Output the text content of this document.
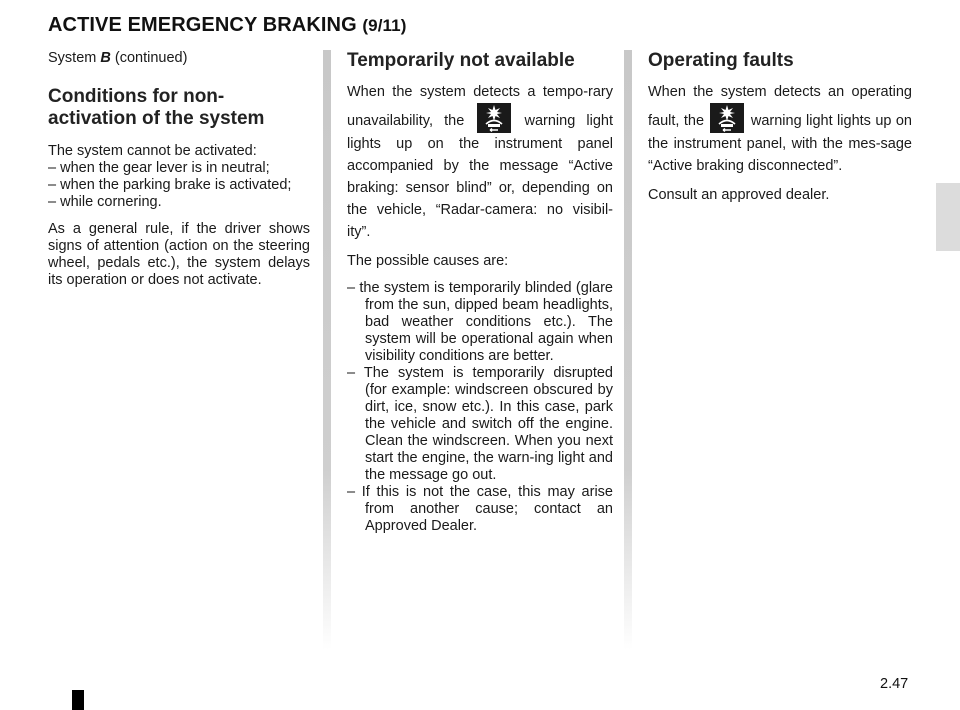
ACTIVE EMERGENCY BRAKING (9/11)

System B (continued)

Conditions for non-activation of the system

The system cannot be activated:

– when the gear lever is in neutral;
– when the parking brake is activated;
– while cornering.

As a general rule, if the driver shows signs of attention (action on the steering wheel, pedals etc.), the system delays its operation or does not activate.

Temporarily not available

When the system detects a tempo-rary unavailability, the	warning light lights up on the instrument panel accompanied by the message “Active braking: sensor blind” or, depending on the vehicle, “Radar-camera: no visibil-ity”.

The possible causes are:

– the system is temporarily blinded (glare from the sun, dipped beam headlights, bad weather conditions etc.). The system will be operational again when visibility conditions are better.
– The system is temporarily disrupted (for example: windscreen obscured by dirt, ice, snow etc.). In this case, park the vehicle and switch off the engine. Clean the windscreen. When you next start the engine, the warn-ing light and the message go out.
– If this is not the case, this may arise from another cause; contact an Approved Dealer.
Operating faults

When the system detects an operating fault, the	warning light lights up on the instrument panel, with the mes-sage “Active braking disconnected”.

Consult an approved dealer.

2.47
